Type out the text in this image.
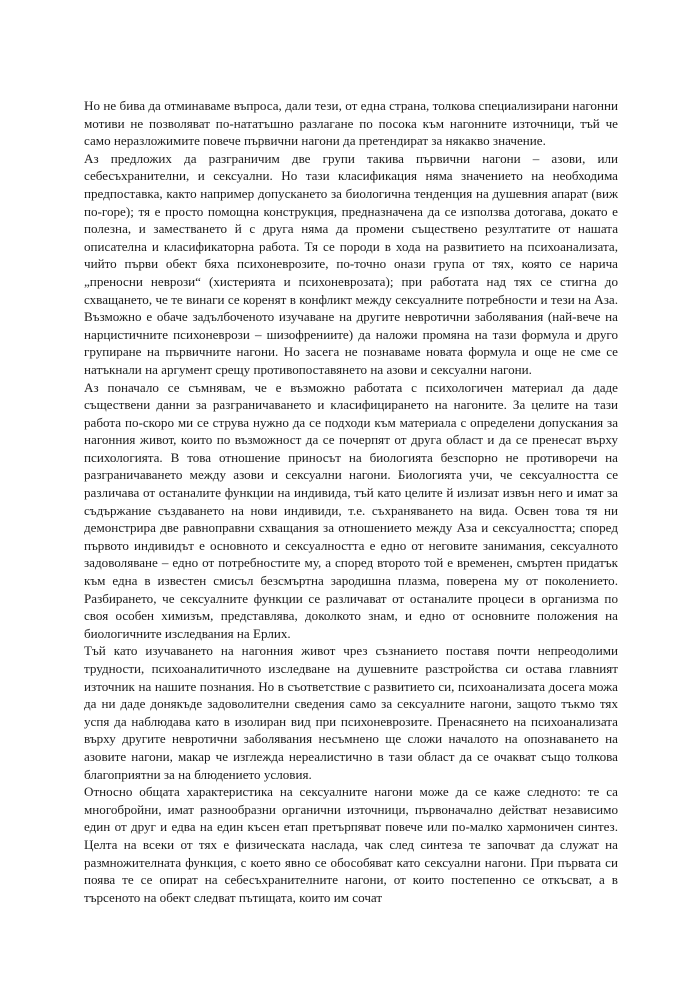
Но не бива да отминаваме въпроса, дали тези, от една страна, толкова специализирани нагонни мотиви не позволяват по-нататъшно разлагане по посока към нагонните източници, тъй че само неразложимите повече първични нагони да претендират за някакво значение.

Аз предложих да разграничим две групи такива първични нагони – азови, или себесъхранителни, и сексуални. Но тази класификация няма значението на необходима предпоставка, както например допускането за биологична тенденция на душевния апарат (виж по-горе); тя е просто помощна конструкция, предназначена да се използва дотогава, докато е полезна, и заместването й с друга няма да промени съществено резултатите от нашата описателна и класификаторна работа. Тя се породи в хода на развитието на психоанализата, чийто първи обект бяха психоневрозите, по-точно онази група от тях, която се нарича „преносни неврози“ (хистерията и психоневрозата); при работата над тях се стигна до схващането, че те винаги се коренят в конфликт между сексуалните потребности и тези на Аза. Възможно е обаче задълбоченото изучаване на другите невротични заболявания (най-вече на нарцистичните психоневрози – шизофрениите) да наложи промяна на тази формула и друго групиране на първичните нагони. Но засега не познаваме новата формула и още не сме се натъкнали на аргумент срещу противопоставянето на азови и сексуални нагони.

Аз поначало се съмнявам, че е възможно работата с психологичен материал да даде съществени данни за разграничаването и класифицирането на нагоните. За целите на тази работа по-скоро ми се струва нужно да се подходи към материала с определени допускания за нагонния живот, които по възможност да се почерпят от друга област и да се пренесат върху психологията. В това отношение приносът на биологията безспорно не противоречи на разграничаването между азови и сексуални нагони. Биологията учи, че сексуалността се различава от останалите функции на индивида, тъй като целите й излизат извън него и имат за съдържание създаването на нови индивиди, т.е. съхраняването на вида. Освен това тя ни демонстрира две равноправни схващания за отношението между Аза и сексуалността; според първото индивидът е основното и сексуалността е едно от неговите занимания, сексуалното задоволяване – едно от потребностите му, а според второто той е временен, смъртен придатък към една в известен смисъл безсмъртна зародишна плазма, поверена му от поколението. Разбирането, че сексуалните функции се различават от останалите процеси в организма по своя особен химизъм, представлява, доколкото знам, и едно от основните положения на биологичните изследвания на Ерлих.

Тъй като изучаването на нагонния живот чрез съзнанието поставя почти непреодолими трудности, психоаналитичното изследване на душевните разстройства си остава главният източник на нашите познания. Но в съответствие с развитието си, психоанализата досега можа да ни даде донякъде задоволителни сведения само за сексуалните нагони, защото тъкмо тях успя да наблюдава като в изолиран вид при психоневрозите. Пренасянето на психоанализата върху другите невротични заболявания несъмнено ще сложи началото на опознаването на азовите нагони, макар че изглежда нереалистично в тази област да се очакват също толкова благоприятни за на блюдението условия.

Относно общата характеристика на сексуалните нагони може да се каже следното: те са многобройни, имат разнообразни органични източници, първоначално действат независимо един от друг и едва на един късен етап претърпяват повече или по-малко хармоничен синтез. Целта на всеки от тях е физическата наслада, чак след синтеза те започват да служат на размножителната функция, с което явно се обособяват като сексуални нагони. При първата си поява те се опират на себесъхранителните нагони, от които постепенно се откъсват, а в търсеното на обект следват пътищата, които им сочат
